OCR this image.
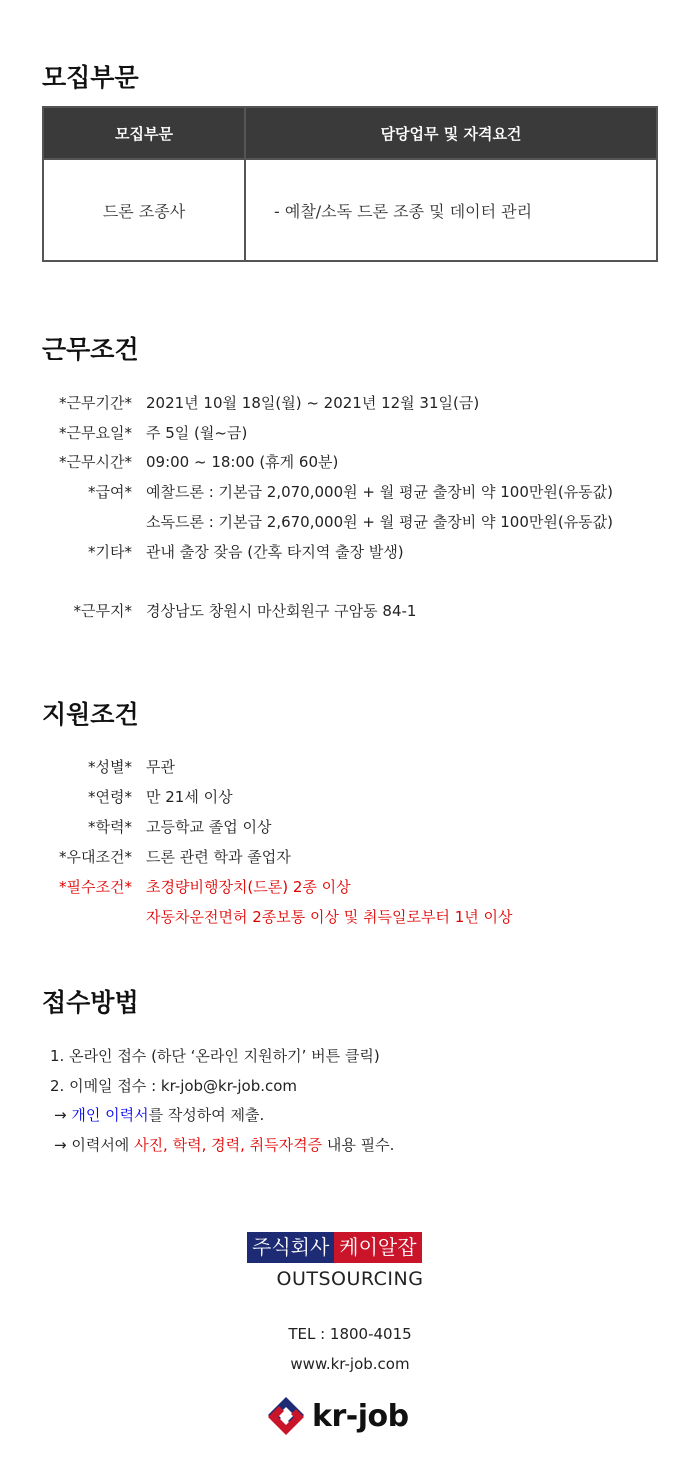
모집부문
모집부문	담당업무 및 자격요건
드론 조종사	- 예찰/소독 드론 조종 및 데이터 관리
근무조건
*근무기간* 2021년 10월 18일(월) ~ 2021년 12월 31일(금)
*근무요일* 주 5일 (월~금)
*근무시간* 09:00 ~ 18:00 (휴게 60분)
*급여* 예찰드론 : 기본급 2,070,000원 + 월 평균 출장비 약 100만원(유동값)
소독드론 : 기본급 2,670,000원 + 월 평균 출장비 약 100만원(유동값)
*기타* 관내 출장 잦음 (간혹 타지역 출장 발생)
*근무지* 경상남도 창원시 마산회원구 구암동 84-1
지원조건
*성별* 무관
*연령* 만 21세 이상
*학력* 고등학교 졸업 이상
*우대조건* 드론 관련 학과 졸업자
*필수조건* 초경량비행장치(드론) 2종 이상
자동차운전면허 2종보통 이상 및 취득일로부터 1년 이상
접수방법
1. 온라인 접수 (하단 ‘온라인 지원하기’ 버튼 클릭)
2. 이메일 접수 : kr-job@kr-job.com
→ 개인 이력서를 작성하여 제출.
→ 이력서에 사진, 학력, 경력, 취득자격증 내용 필수.
주식회사 케이알잡
OUTSOURCING
TEL : 1800-4015
www.kr-job.com
kr-job
